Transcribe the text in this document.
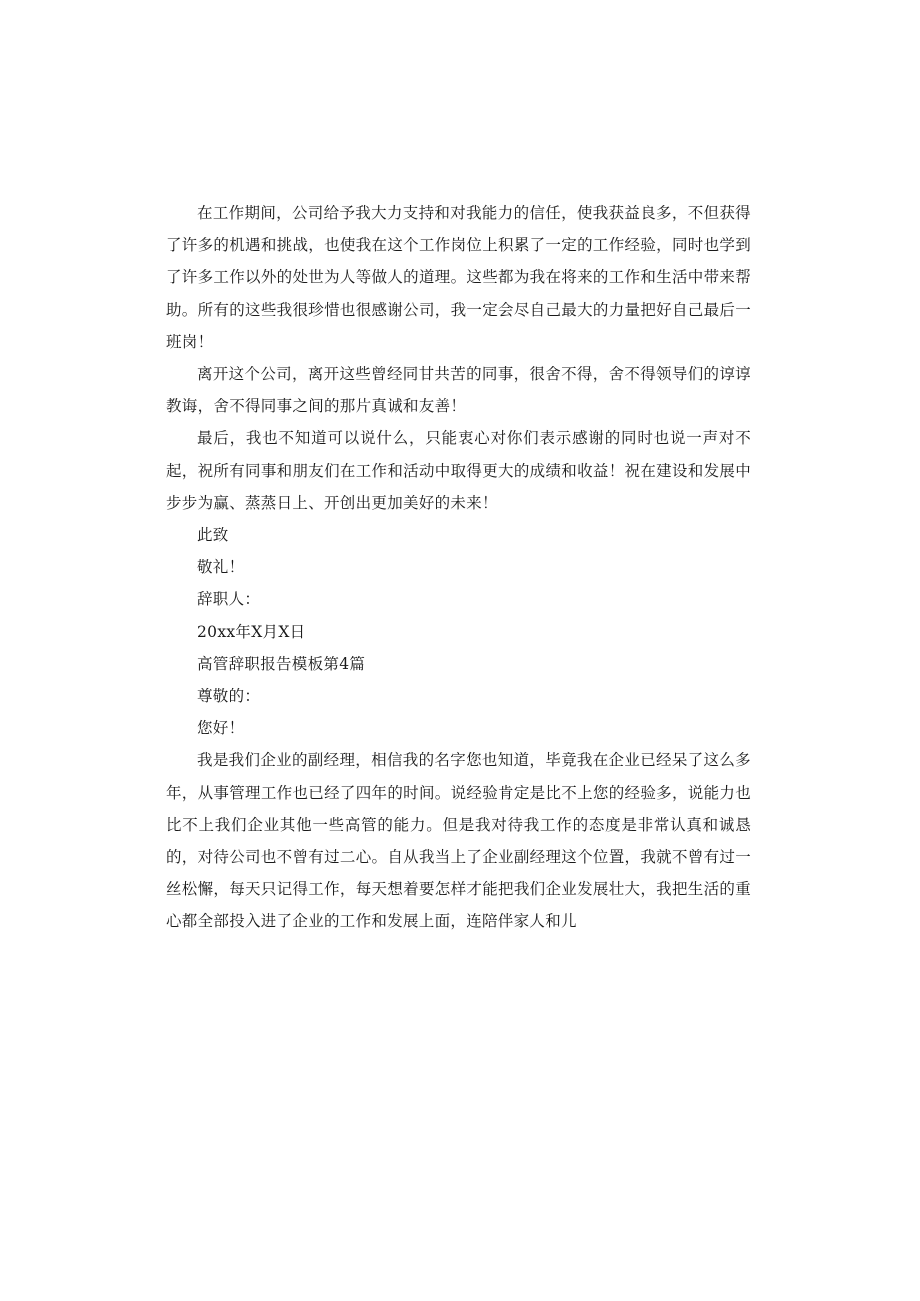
在工作期间，公司给予我大力支持和对我能力的信任，使我获益良多，不但获得了许多的机遇和挑战，也使我在这个工作岗位上积累了一定的工作经验，同时也学到了许多工作以外的处世为人等做人的道理。这些都为我在将来的工作和生活中带来帮助。所有的这些我很珍惜也很感谢公司，我一定会尽自己最大的力量把好自己最后一班岗！

离开这个公司，离开这些曾经同甘共苦的同事，很舍不得，舍不得领导们的谆谆教诲，舍不得同事之间的那片真诚和友善！

最后，我也不知道可以说什么，只能衷心对你们表示感谢的同时也说一声对不起，祝所有同事和朋友们在工作和活动中取得更大的成绩和收益！祝在建设和发展中步步为赢、蒸蒸日上、开创出更加美好的未来！

此致

敬礼！

辞职人：

20xx年X月X日

高管辞职报告模板第4篇

尊敬的：

您好！

我是我们企业的副经理，相信我的名字您也知道，毕竟我在企业已经呆了这么多年，从事管理工作也已经了四年的时间。说经验肯定是比不上您的经验多，说能力也比不上我们企业其他一些高管的能力。但是我对待我工作的态度是非常认真和诚恳的，对待公司也不曾有过二心。自从我当上了企业副经理这个位置，我就不曾有过一丝松懈，每天只记得工作，每天想着要怎样才能把我们企业发展壮大，我把生活的重心都全部投入进了企业的工作和发展上面，连陪伴家人和儿
